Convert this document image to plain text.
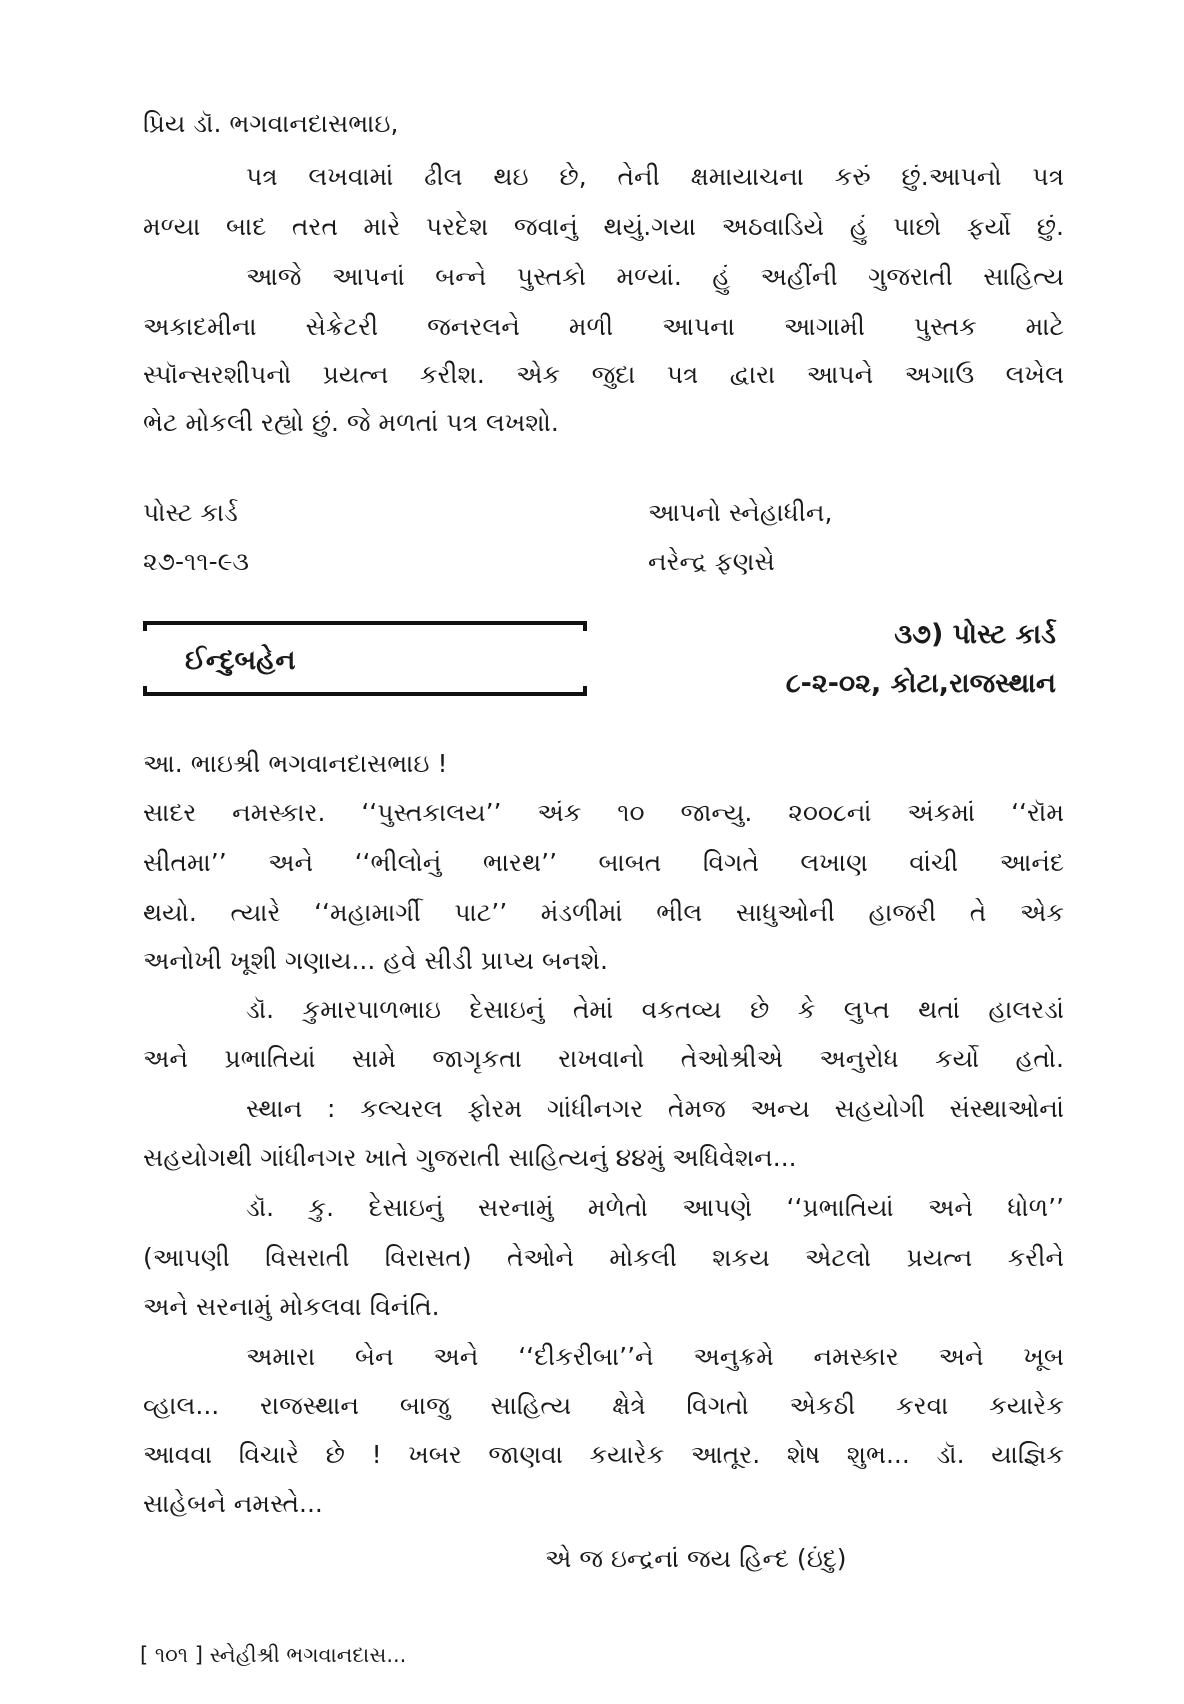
પ્રિય ડૉ. ભગવાનદાસભાઇ,
પત્ર લખવામાં ઢીલ થઇ છે, તેની ક્ષમાયાચના કરું છું.આપનો પત્ર
મળ્યા બાદ તરત મારે પરદેશ જવાનું થયું.ગયા અઠવાડિયે હું પાછો ફર્યો છું.
આજે આપનાં બન્ને પુસ્તકો મળ્યાં. હું અહીંની ગુજરાતી સાહિત્ય
અકાદમીના સેક્રેટરી જનરલને મળી આપના આગામી પુસ્તક માટે
સ્પૉન્સરશીપનો પ્રયત્ન કરીશ. એક જુદા પત્ર દ્વારા આપને અગાઉ લખેલ
ભેટ મોકલી રહ્યો છું. જે મળતાં પત્ર લખશો.
પોસ્ટ કાર્ડ
૨૭-૧૧-૯૩
આપનો સ્નેહાધીન,
નરેન્દ્ર ફણસે
ઈન્દુબહેન
૩૭) પોસ્ટ કાર્ડ
૮-૨-૦૨, કોટા,રાજસ્થાન
આ. ભાઇશ્રી ભગવાનદાસભાઇ !
સાદર નમસ્કાર. ‘‘પુસ્તકાલય’’ અંક ૧૦ જાન્યુ. ૨૦૦૮નાં અંકમાં ‘‘રૉમ
સીતમા’’ અને ‘‘ભીલોનું ભારથ’’ બાબત વિગતે લખાણ વાંચી આનંદ
થયો. ત્યારે ‘‘મહામાર્ગી પાટ’’ મંડળીમાં ભીલ સાધુઓની હાજરી તે એક
અનોખી ખૂશી ગણાય... હવે સીડી પ્રાપ્ય બનશે.
ડૉ. કુમારપાળભાઇ દેસાઇનું તેમાં વકતવ્ય છે કે લુપ્ત થતાં હાલરડાં
અને પ્રભાતિયાં સામે જાગૃકતા રાખવાનો તેઓશ્રીએ અનુરોધ કર્યો હતો.
સ્થાન : કલ્ચરલ ફોરમ ગાંધીનગર તેમજ અન્ય સહયોગી સંસ્થાઓનાં
સહયોગથી ગાંધીનગર ખાતે ગુજરાતી સાહિત્યનું ૪૪મું અધિવેશન...
ડૉ. કુ. દેસાઇનું સરનામું મળેતો આપણે ‘‘પ્રભાતિયાં અને ધોળ’’
(આપણી વિસરાતી વિરાસત) તેઓને મોકલી શકય એટલો પ્રયત્ન કરીને
અને સરનામું મોકલવા વિનંતિ.
અમારા બેન અને ‘‘દીકરીબા’’ને અનુક્રમે નમસ્કાર અને ખૂબ
વ્હાલ... રાજસ્થાન બાજુ સાહિત્ય ક્ષેત્રે વિગતો એકઠી કરવા કયારેક
આવવા વિચારે છે ! ખબર જાણવા કયારેક આતૂર. શેષ શુભ... ડૉ. યાજ્ઞિક
સાહેબને નમસ્તે...
એ જ ઇન્દ્રનાં જય હિન્દ (ઇંદુ)
[ ૧૦૧ ] સ્નેહીશ્રી ભગવાનદાસ...
